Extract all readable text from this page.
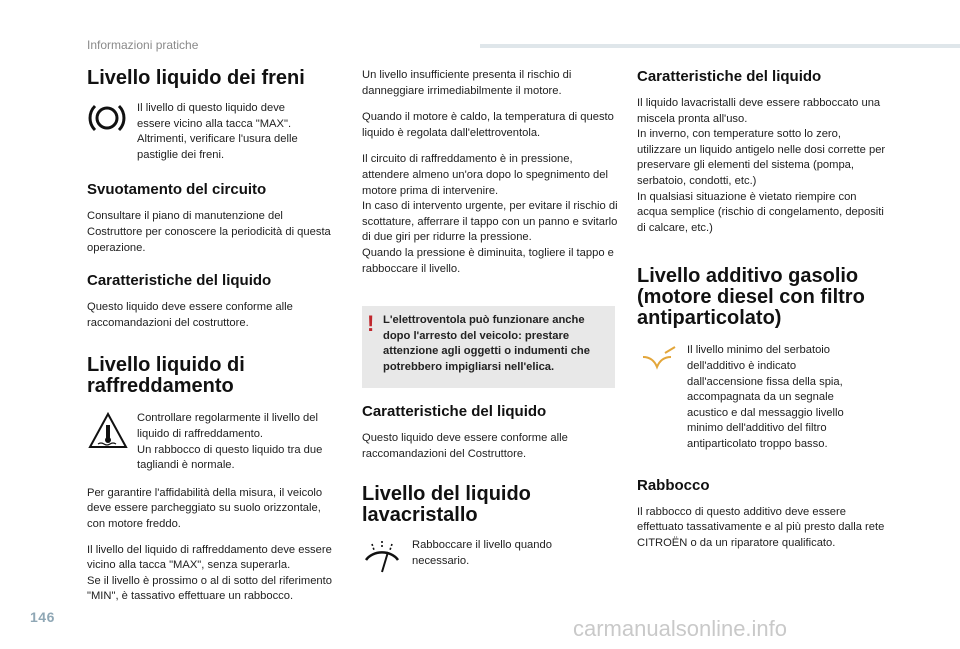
Informazioni pratiche
Livello liquido dei freni

Il livello di questo liquido deve essere vicino alla tacca "MAX". Altrimenti, verificare l'usura delle pastiglie dei freni.

Svuotamento del circuito

Consultare il piano di manutenzione del Costruttore per conoscere la periodicità di questa operazione.

Caratteristiche del liquido

Questo liquido deve essere conforme alle raccomandazioni del costruttore.

Livello liquido di raffreddamento

Controllare regolarmente il livello del liquido di raffreddamento.
Un rabbocco di questo liquido tra due tagliandi è normale.

Per garantire l'affidabilità della misura, il veicolo deve essere parcheggiato su suolo orizzontale, con motore freddo.

Il livello del liquido di raffreddamento deve essere vicino alla tacca "MAX", senza superarla.
Se il livello è prossimo o al di sotto del riferimento "MIN", è tassativo effettuare un rabbocco.

Un livello insufficiente presenta il rischio di danneggiare irrimediabilmente il motore.

Quando il motore è caldo, la temperatura di questo liquido è regolata dall'elettroventola.

Il circuito di raffreddamento è in pressione, attendere almeno un'ora dopo lo spegnimento del motore prima di intervenire.
In caso di intervento urgente, per evitare il rischio di scottature, afferrare il tappo con un panno e svitarlo di due giri per ridurre la pressione.
Quando la pressione è diminuita, togliere il tappo e rabboccare il livello.

! L'elettroventola può funzionare anche dopo l'arresto del veicolo: prestare attenzione agli oggetti o indumenti che potrebbero impigliarsi nell'elica.

Caratteristiche del liquido

Questo liquido deve essere conforme alle raccomandazioni del Costruttore.

Livello del liquido lavacristallo

Rabboccare il livello quando necessario.

Caratteristiche del liquido

Il liquido lavacristalli deve essere rabboccato una miscela pronta all'uso.
In inverno, con temperature sotto lo zero, utilizzare un liquido antigelo nelle dosi corrette per preservare gli elementi del sistema (pompa, serbatoio, condotti, etc.)
In qualsiasi situazione è vietato riempire con acqua semplice (rischio di congelamento, depositi di calcare, etc.)

Livello additivo gasolio (motore diesel con filtro antiparticolato)

Il livello minimo del serbatoio dell'additivo è indicato dall'accensione fissa della spia, accompagnata da un segnale acustico e dal messaggio livello minimo dell'additivo del filtro antiparticolato troppo basso.

Rabbocco

Il rabbocco di questo additivo deve essere effettuato tassativamente e al più presto dalla rete CITROËN o da un riparatore qualificato.

146	carmanualsonline.info
